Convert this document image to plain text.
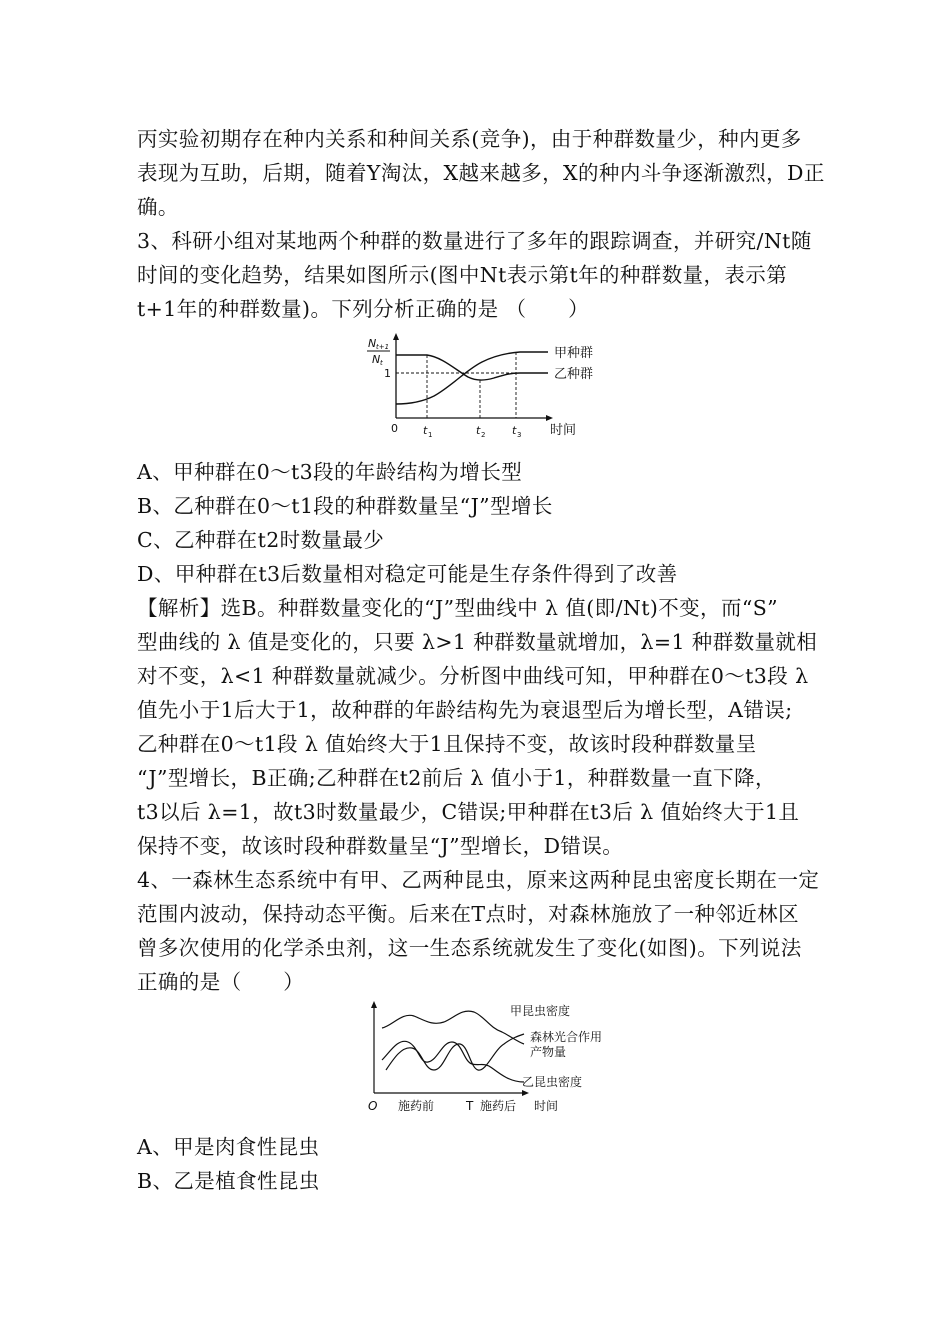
丙实验初期存在种内关系和种间关系(竞争)，由于种群数量少，种内更多
表现为互助，后期，随着Y淘汰，X越来越多，X的种内斗争逐渐激烈，D正
确。
3、科研小组对某地两个种群的数量进行了多年的跟踪调查，并研究/Nt随
时间的变化趋势，结果如图所示(图中Nt表示第t年的种群数量，表示第
t+1年的种群数量)。下列分析正确的是 （　　）
N t+1
N t
1
甲种群
乙种群
0 t 1	t 2 t 3 时间
A、甲种群在0～t3段的年龄结构为增长型
B、乙种群在0～t1段的种群数量呈“J”型增长
C、乙种群在t2时数量最少
D、甲种群在t3后数量相对稳定可能是生存条件得到了改善
【解析】选B。种群数量变化的“J”型曲线中 λ 值(即/Nt)不变，而“S”
型曲线的 λ 值是变化的，只要 λ>1 种群数量就增加，λ=1 种群数量就相
对不变，λ<1 种群数量就减少。分析图中曲线可知，甲种群在0～t3段 λ
值先小于1后大于1，故种群的年龄结构先为衰退型后为增长型，A错误;
乙种群在0～t1段 λ 值始终大于1且保持不变，故该时段种群数量呈
“J”型增长，B正确;乙种群在t2前后 λ 值小于1，种群数量一直下降，
t3以后 λ=1，故t3时数量最少，C错误;甲种群在t3后 λ 值始终大于1且
保持不变，故该时段种群数量呈“J”型增长，D错误。
4、一森林生态系统中有甲、乙两种昆虫，原来这两种昆虫密度长期在一定
范围内波动，保持动态平衡。后来在T点时，对森林施放了一种邻近林区
曾多次使用的化学杀虫剂，这一生态系统就发生了变化(如图)。下列说法
正确的是（　　）
甲昆虫密度
森林光合作用
产物量
乙昆虫密度
O 施药前	T 施药后 时间
A、甲是肉食性昆虫
B、乙是植食性昆虫
